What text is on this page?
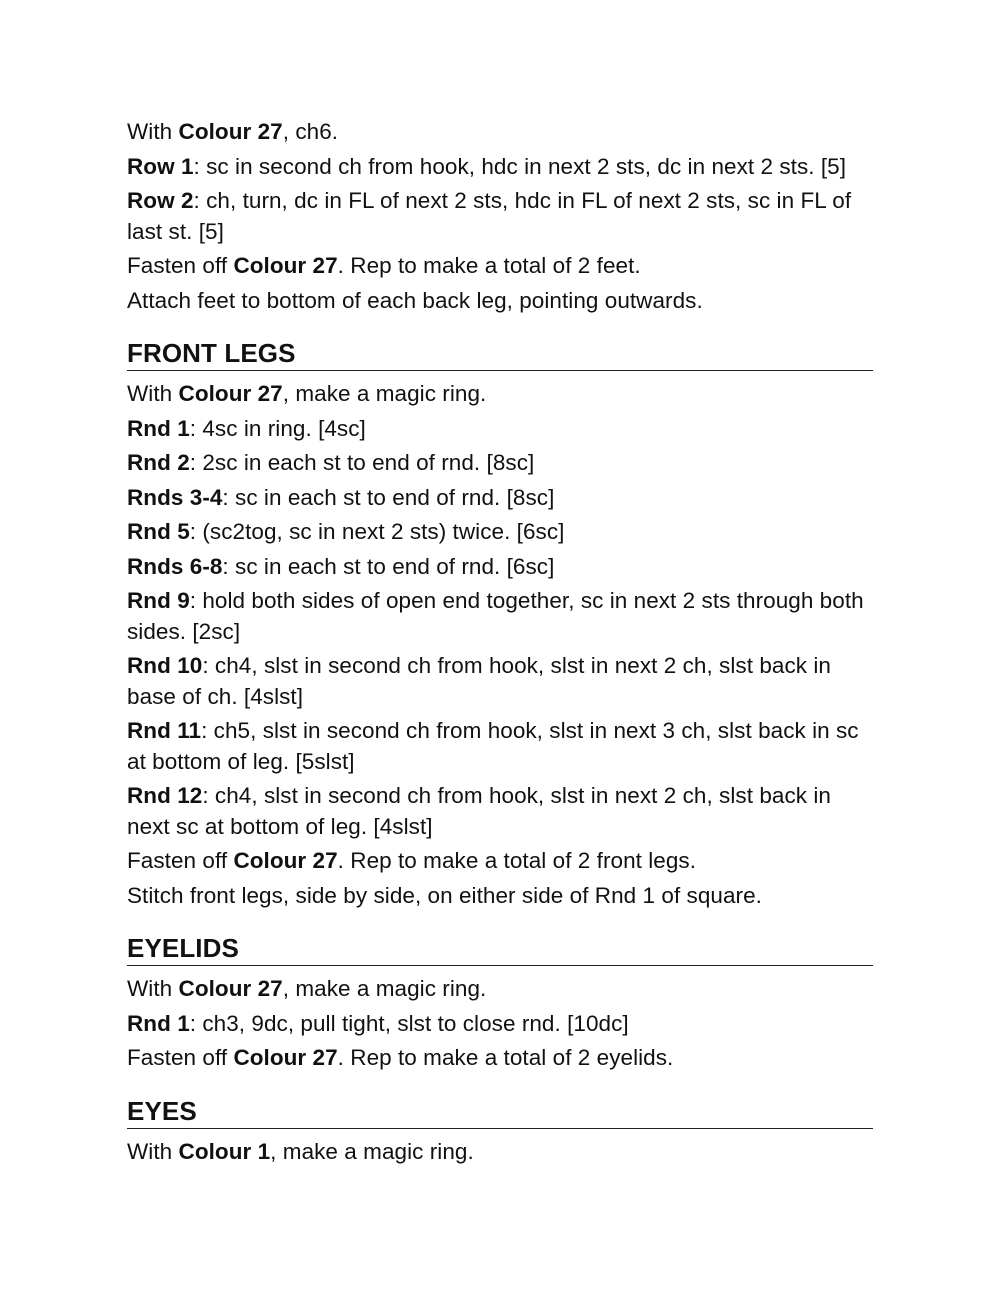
With Colour 27, ch6.
Row 1: sc in second ch from hook, hdc in next 2 sts, dc in next 2 sts. [5]
Row 2: ch, turn, dc in FL of next 2 sts, hdc in FL of next 2 sts, sc in FL of last st. [5]
Fasten off Colour 27. Rep to make a total of 2 feet.
Attach feet to bottom of each back leg, pointing outwards.
FRONT LEGS
With Colour 27, make a magic ring.
Rnd 1: 4sc in ring. [4sc]
Rnd 2: 2sc in each st to end of rnd. [8sc]
Rnds 3-4: sc in each st to end of rnd. [8sc]
Rnd 5: (sc2tog, sc in next 2 sts) twice. [6sc]
Rnds 6-8: sc in each st to end of rnd. [6sc]
Rnd 9: hold both sides of open end together, sc in next 2 sts through both sides. [2sc]
Rnd 10: ch4, slst in second ch from hook, slst in next 2 ch, slst back in base of ch. [4slst]
Rnd 11: ch5, slst in second ch from hook, slst in next 3 ch, slst back in sc at bottom of leg. [5slst]
Rnd 12: ch4, slst in second ch from hook, slst in next 2 ch, slst back in next sc at bottom of leg. [4slst]
Fasten off Colour 27. Rep to make a total of 2 front legs.
Stitch front legs, side by side, on either side of Rnd 1 of square.
EYELIDS
With Colour 27, make a magic ring.
Rnd 1: ch3, 9dc, pull tight, slst to close rnd. [10dc]
Fasten off Colour 27. Rep to make a total of 2 eyelids.
EYES
With Colour 1, make a magic ring.
